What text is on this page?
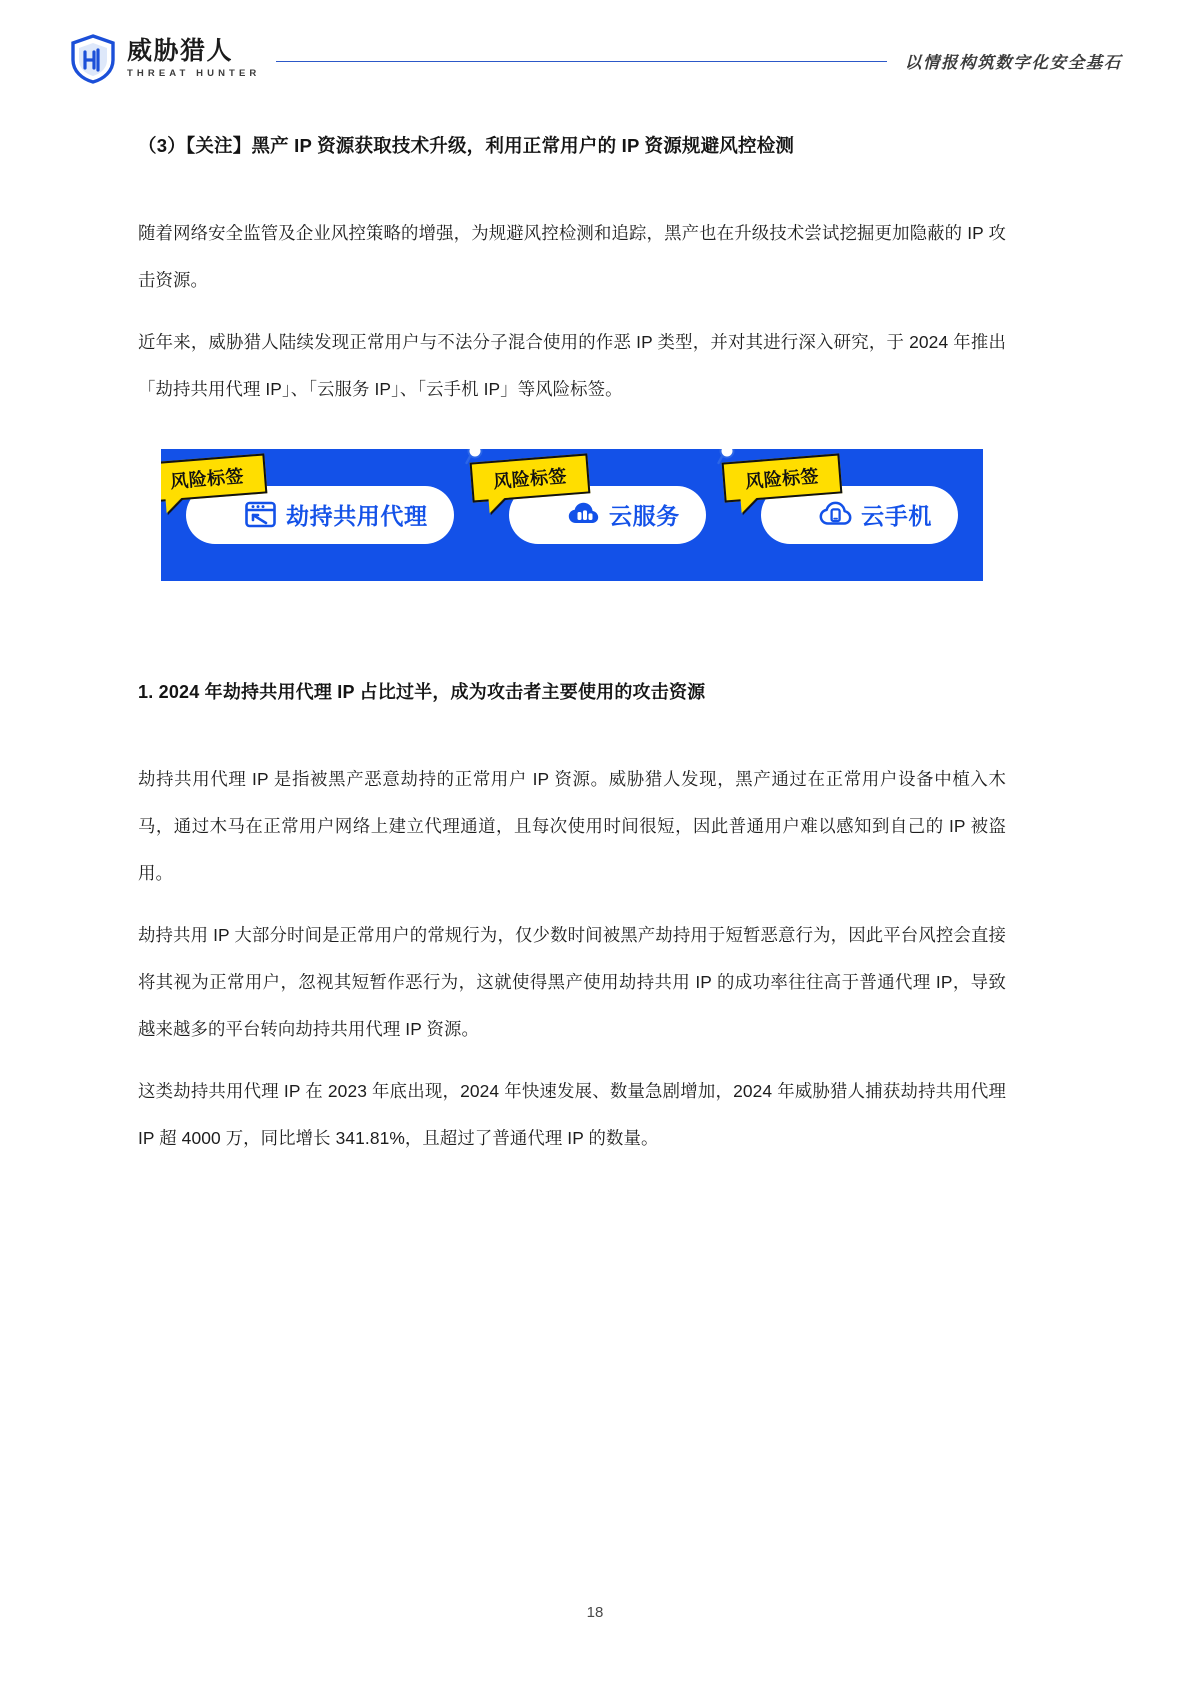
威胁猎人
THREAT HUNTER
以情报构筑数字化安全基石
（3）【关注】黑产 IP 资源获取技术升级，利用正常用户的 IP 资源规避风控检测

随着网络安全监管及企业风控策略的增强，为规避风控检测和追踪，黑产也在升级技术尝试挖掘更加隐蔽的 IP 攻击资源。

近年来，威胁猎人陆续发现正常用户与不法分子混合使用的作恶 IP 类型，并对其进行深入研究，于 2024 年推出「劫持共用代理 IP」、「云服务 IP」、「云手机 IP」等风险标签。

风险标签
劫持共用代理
风险标签
云服务
风险标签
云手机
1. 2024 年劫持共用代理 IP 占比过半，成为攻击者主要使用的攻击资源

劫持共用代理 IP 是指被黑产恶意劫持的正常用户 IP 资源。威胁猎人发现，黑产通过在正常用户设备中植入木马，通过木马在正常用户网络上建立代理通道，且每次使用时间很短，因此普通用户难以感知到自己的 IP 被盗用。

劫持共用 IP 大部分时间是正常用户的常规行为，仅少数时间被黑产劫持用于短暂恶意行为，因此平台风控会直接将其视为正常用户，忽视其短暂作恶行为，这就使得黑产使用劫持共用 IP 的成功率往往高于普通代理 IP，导致越来越多的平台转向劫持共用代理 IP 资源。

这类劫持共用代理 IP 在 2023 年底出现，2024 年快速发展、数量急剧增加，2024 年威胁猎人捕获劫持共用代理 IP 超 4000 万，同比增长 341.81%，且超过了普通代理 IP 的数量。

18
